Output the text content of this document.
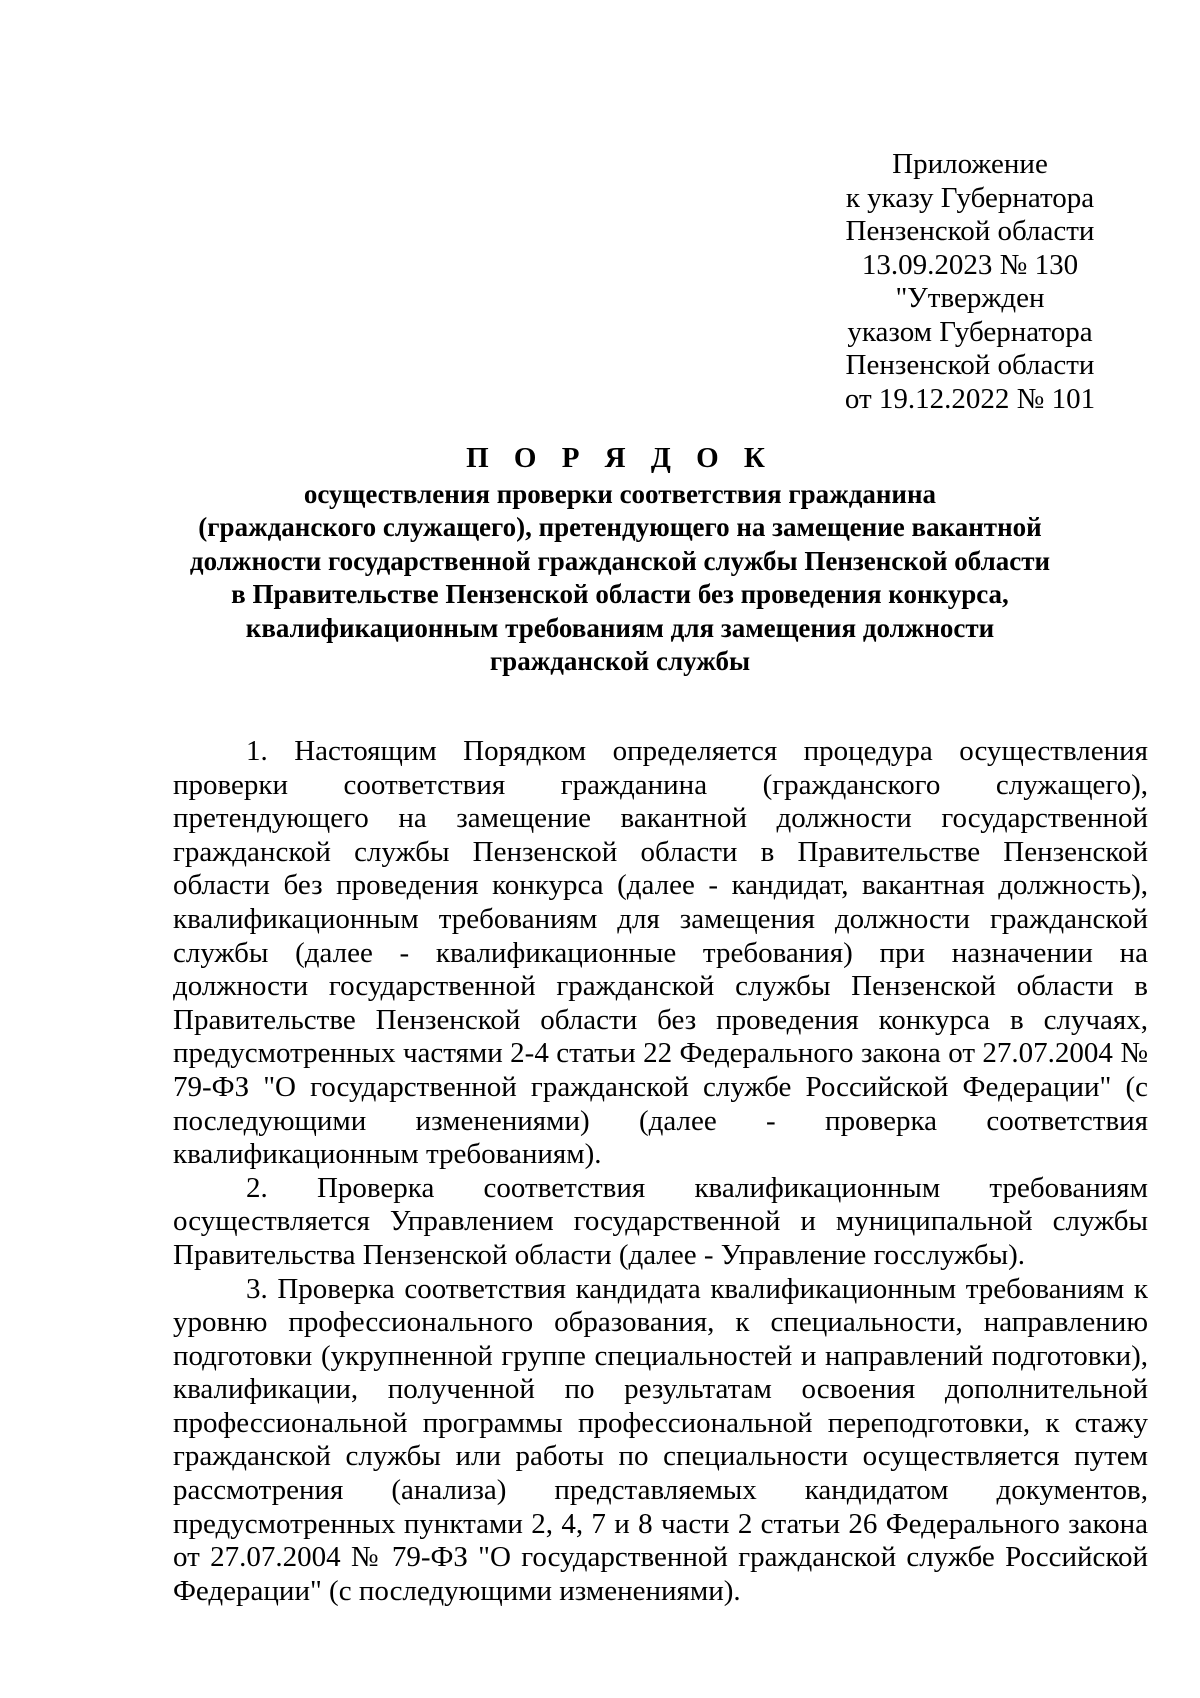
Приложение
к указу Губернатора
Пензенской области
13.09.2023 № 130
"Утвержден
указом Губернатора
Пензенской области
от 19.12.2022 № 101
П О Р Я Д О К
осуществления проверки соответствия гражданина
(гражданского служащего), претендующего на замещение вакантной
должности государственной гражданской службы Пензенской области
в Правительстве Пензенской области без проведения конкурса,
квалификационным требованиям для замещения должности
гражданской службы

1. Настоящим Порядком определяется процедура осуществления проверки соответствия гражданина (гражданского служащего), претендующего на замещение вакантной должности государственной гражданской службы Пензенской области в Правительстве Пензенской области без проведения конкурса (далее - кандидат, вакантная должность), квалификационным требованиям для замещения должности гражданской службы (далее - квалификационные требования) при назначении на должности государственной гражданской службы Пензенской области в Правительстве Пензенской области без проведения конкурса в случаях, предусмотренных частями 2-4 статьи 22 Федерального закона от 27.07.2004 № 79-ФЗ "О государственной гражданской службе Российской Федерации" (с последующими изменениями) (далее - проверка соответствия квалификационным требованиям).

2. Проверка соответствия квалификационным требованиям осуществляется Управлением государственной и муниципальной службы Правительства Пензенской области (далее - Управление госслужбы).

3. Проверка соответствия кандидата квалификационным требованиям к уровню профессионального образования, к специальности, направлению подготовки (укрупненной группе специальностей и направлений подготовки), квалификации, полученной по результатам освоения дополнительной профессиональной программы профессиональной переподготовки, к стажу гражданской службы или работы по специальности осуществляется путем рассмотрения (анализа) представляемых кандидатом документов, предусмотренных пунктами 2, 4, 7 и 8 части 2 статьи 26 Федерального закона от 27.07.2004 № 79-ФЗ "О государственной гражданской службе Российской Федерации" (с последующими изменениями).
